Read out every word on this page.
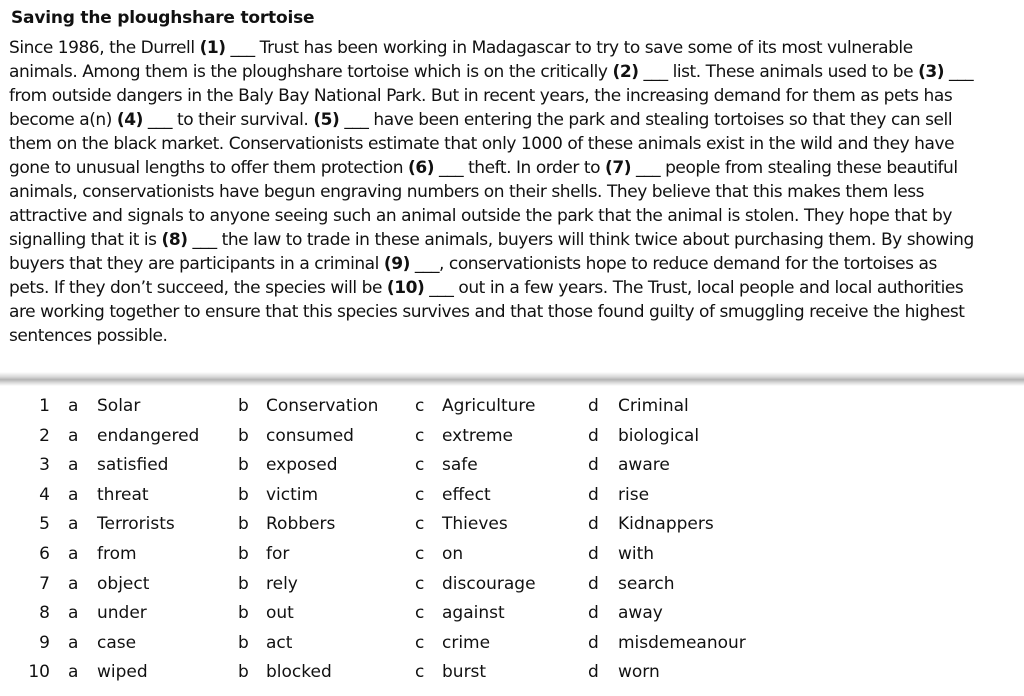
Saving the ploughshare tortoise
Since 1986, the Durrell (1) ___ Trust has been working in Madagascar to try to save some of its most vulnerable
animals. Among them is the ploughshare tortoise which is on the critically (2) ___ list. These animals used to be (3) ___
from outside dangers in the Baly Bay National Park. But in recent years, the increasing demand for them as pets has
become a(n) (4) ___ to their survival. (5) ___ have been entering the park and stealing tortoises so that they can sell
them on the black market. Conservationists estimate that only 1000 of these animals exist in the wild and they have
gone to unusual lengths to offer them protection (6) ___ theft. In order to (7) ___ people from stealing these beautiful
animals, conservationists have begun engraving numbers on their shells. They believe that this makes them less
attractive and signals to anyone seeing such an animal outside the park that the animal is stolen. They hope that by
signalling that it is (8) ___ the law to trade in these animals, buyers will think twice about purchasing them. By showing
buyers that they are participants in a criminal (9) ___, conservationists hope to reduce demand for the tortoises as
pets. If they don’t succeed, the species will be (10) ___ out in a few years. The Trust, local people and local authorities
are working together to ensure that this species survives and that those found guilty of smuggling receive the highest
sentences possible.
1 a Solar	b Conservation c Agriculture	d Criminal
2 a endangered b consumed	c extreme	d biological
3 a satisfied	b exposed	c safe	d aware
4 a threat	b victim	c effect	d rise
5 a Terrorists	b Robbers	c Thieves	d Kidnappers
6 a from	b for	c on	d with
7 a object	b rely	c discourage	d search
8 a under	b out	c against	d away
9 a case	b act	c crime	d misdemeanour
10 a wiped	b blocked	c burst	d worn
